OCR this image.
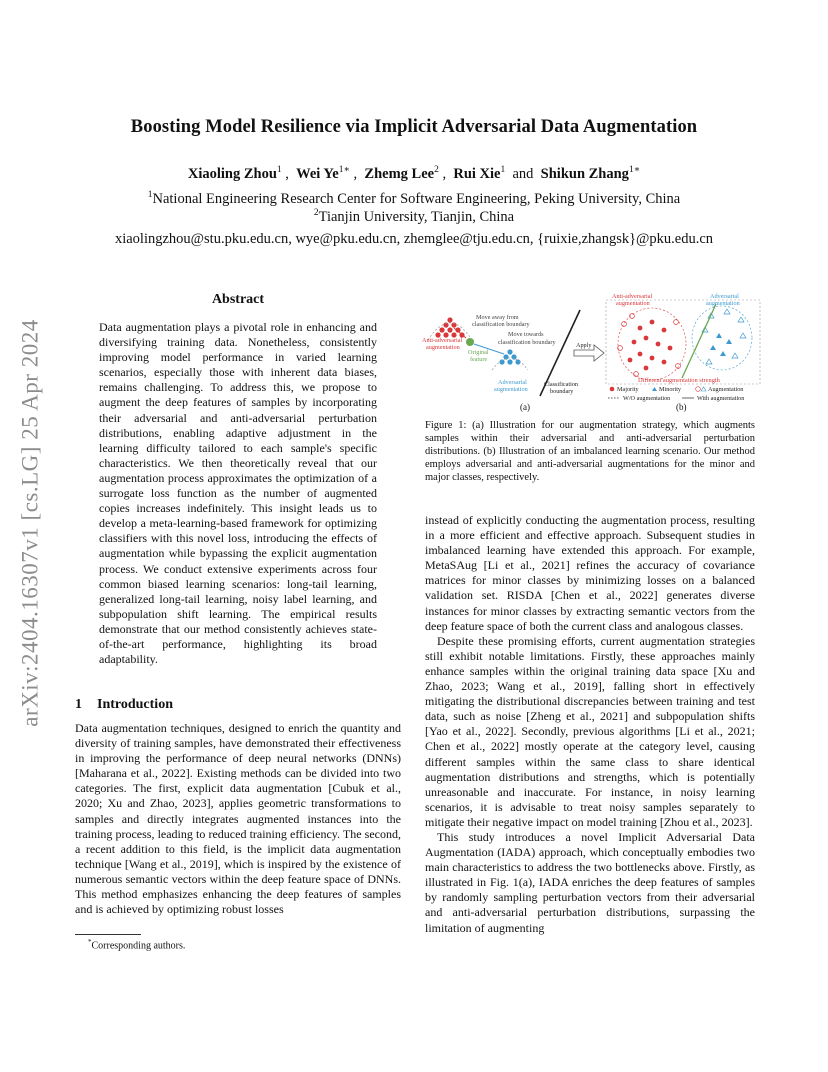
arXiv:2404.16307v1 [cs.LG] 25 Apr 2024
Boosting Model Resilience via Implicit Adversarial Data Augmentation
Xiaoling Zhou$^1$ , Wei $Ye^{1∗}$ , Zhemg Lee$^2$ , Rui Xie$^1$ and Shikun Zhang$^{1∗}$
$^1$National Engineering Research Center for Software Engineering, Peking University, China
$^2$Tianjin University, Tianjin, China
xiaolingzhou@stu.pku.edu.cn, wye@pku.edu.cn, zhemglee@tju.edu.cn, {ruixie,zhangsk}@pku.edu.cn
Abstract
Data augmentation plays a pivotal role in enhancing and diversifying training data. Nonetheless, consistently improving model performance in varied learning scenarios, especially those with inherent data biases, remains challenging. To address this, we propose to augment the deep features of samples by incorporating their adversarial and anti-adversarial perturbation distributions, enabling adaptive adjustment in the learning difficulty tailored to each sample's specific characteristics. We then theoretically reveal that our augmentation process approximates the optimization of a surrogate loss function as the number of augmented copies increases indefinitely. This insight leads us to develop a meta-learning-based framework for optimizing classifiers with this novel loss, introducing the effects of augmentation while bypassing the explicit augmentation process. We conduct extensive experiments across four common biased learning scenarios: long-tail learning, generalized long-tail learning, noisy label learning, and subpopulation shift learning. The empirical results demonstrate that our method consistently achieves state-of-the-art performance, highlighting its broad adaptability.
1 Introduction

Data augmentation techniques, designed to enrich the quantity and diversity of training samples, have demonstrated their effectiveness in improving the performance of deep neural networks (DNNs) [Maharana et al., 2022]. Existing methods can be divided into two categories. The first, explicit data augmentation [Cubuk et al., 2020; Xu and Zhao, 2023], applies geometric transformations to samples and directly integrates augmented instances into the training process, leading to reduced training efficiency. The second, a recent addition to this field, is the implicit data augmentation technique [Wang et al., 2019], which is inspired by the existence of numerous semantic vectors within the deep feature space of DNNs. This method emphasizes enhancing the deep features of samples and is achieved by optimizing robust losses

*Corresponding authors.
Move away from
classification boundary
Move towards
classification boundary
Anti-adversarial
augmentation
Original
feature
Adversarial
augmentation
Classification
boundary
Apply
(a)
Anti-adversarial
augmentation
Adversarial
augmentation
Different augmentation strength
Majority	Minority	Augmentation
W/O augmentation	With augmentation
(b)
Figure 1: (a) Illustration for our augmentation strategy, which augments samples within their adversarial and anti-adversarial perturbation distributions. (b) Illustration of an imbalanced learning scenario. Our method employs adversarial and anti-adversarial augmentations for the minor and major classes, respectively.

instead of explicitly conducting the augmentation process, resulting in a more efficient and effective approach. Subsequent studies in imbalanced learning have extended this approach. For example, MetaSAug [Li et al., 2021] refines the accuracy of covariance matrices for minor classes by minimizing losses on a balanced validation set. RISDA [Chen et al., 2022] generates diverse instances for minor classes by extracting semantic vectors from the deep feature space of both the current class and analogous classes.

Despite these promising efforts, current augmentation strategies still exhibit notable limitations. Firstly, these approaches mainly enhance samples within the original training data space [Xu and Zhao, 2023; Wang et al., 2019], falling short in effectively mitigating the distributional discrepancies between training and test data, such as noise [Zheng et al., 2021] and subpopulation shifts [Yao et al., 2022]. Secondly, previous algorithms [Li et al., 2021; Chen et al., 2022] mostly operate at the category level, causing different samples within the same class to share identical augmentation distributions and strengths, which is potentially unreasonable and inaccurate. For instance, in noisy learning scenarios, it is advisable to treat noisy samples separately to mitigate their negative impact on model training [Zhou et al., 2023].

This study introduces a novel Implicit Adversarial Data Augmentation (IADA) approach, which conceptually embodies two main characteristics to address the two bottlenecks above. Firstly, as illustrated in Fig. 1(a), IADA enriches the deep features of samples by randomly sampling perturbation vectors from their adversarial and anti-adversarial perturbation distributions, surpassing the limitation of augmenting
